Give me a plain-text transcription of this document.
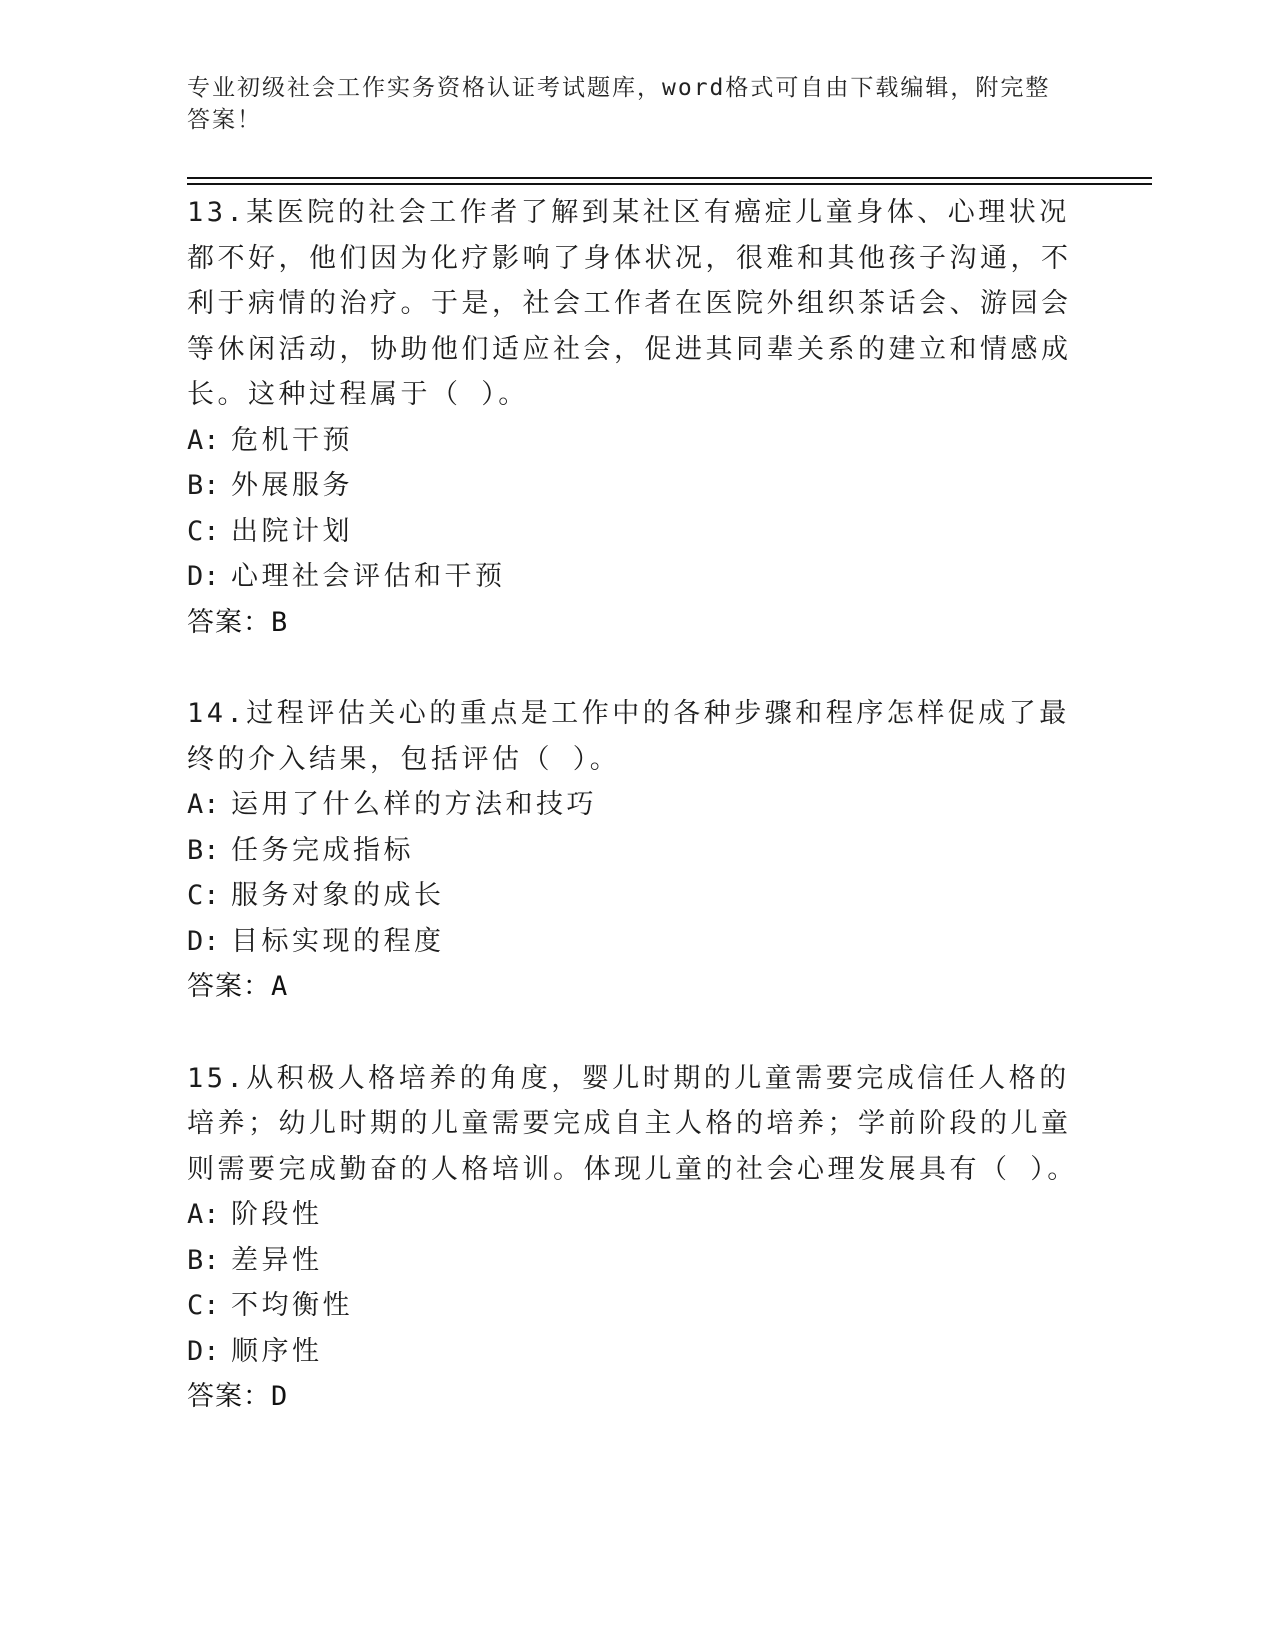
专业初级社会工作实务资格认证考试题库，word格式可自由下载编辑，附完整答案！

13.某医院的社会工作者了解到某社区有癌症儿童身体、心理状况都不好，他们因为化疗影响了身体状况，很难和其他孩子沟通，不利于病情的治疗。于是，社会工作者在医院外组织茶话会、游园会等休闲活动，协助他们适应社会，促进其同辈关系的建立和情感成长。这种过程属于（ ）。

A: 危机干预
B: 外展服务
C: 出院计划
D: 心理社会评估和干预
答案：B

14.过程评估关心的重点是工作中的各种步骤和程序怎样促成了最终的介入结果，包括评估（ ）。

A: 运用了什么样的方法和技巧
B: 任务完成指标
C: 服务对象的成长
D: 目标实现的程度
答案：A

15.从积极人格培养的角度，婴儿时期的儿童需要完成信任人格的培养；幼儿时期的儿童需要完成自主人格的培养；学前阶段的儿童则需要完成勤奋的人格培训。体现儿童的社会心理发展具有（ ）。

A: 阶段性
B: 差异性
C: 不均衡性
D: 顺序性
答案：D
